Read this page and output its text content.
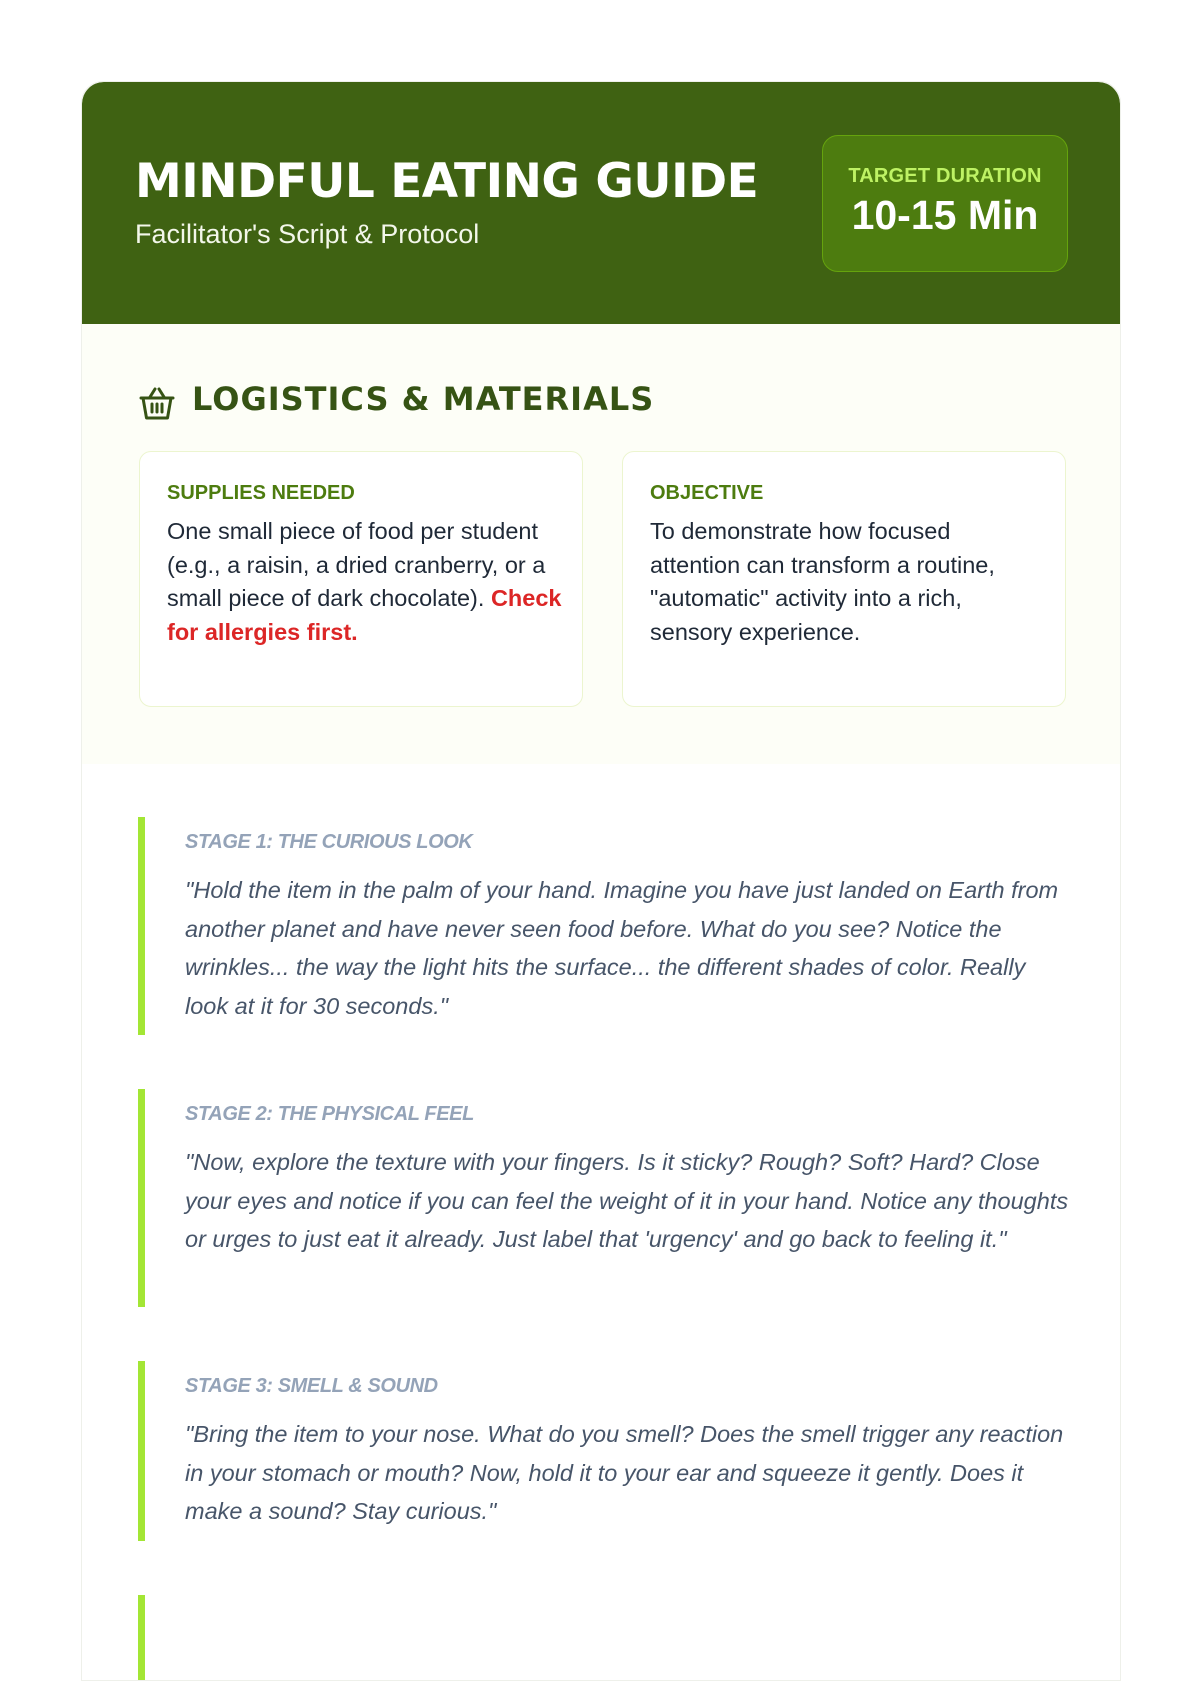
MINDFUL EATING GUIDE
Facilitator's Script & Protocol
TARGET DURATION
10-15 Min
LOGISTICS & MATERIALS
SUPPLIES NEEDED
One small piece of food per student (e.g., a raisin, a dried cranberry, or a small piece of dark chocolate). Check for allergies first.
OBJECTIVE
To demonstrate how focused attention can transform a routine, "automatic" activity into a rich, sensory experience.
STAGE 1: THE CURIOUS LOOK
"Hold the item in the palm of your hand. Imagine you have just landed on Earth from another planet and have never seen food before. What do you see? Notice the wrinkles... the way the light hits the surface... the different shades of color. Really look at it for 30 seconds."
STAGE 2: THE PHYSICAL FEEL
"Now, explore the texture with your fingers. Is it sticky? Rough? Soft? Hard? Close your eyes and notice if you can feel the weight of it in your hand. Notice any thoughts or urges to just eat it already. Just label that 'urgency' and go back to feeling it."
STAGE 3: SMELL & SOUND
"Bring the item to your nose. What do you smell? Does the smell trigger any reaction in your stomach or mouth? Now, hold it to your ear and squeeze it gently. Does it make a sound? Stay curious."
